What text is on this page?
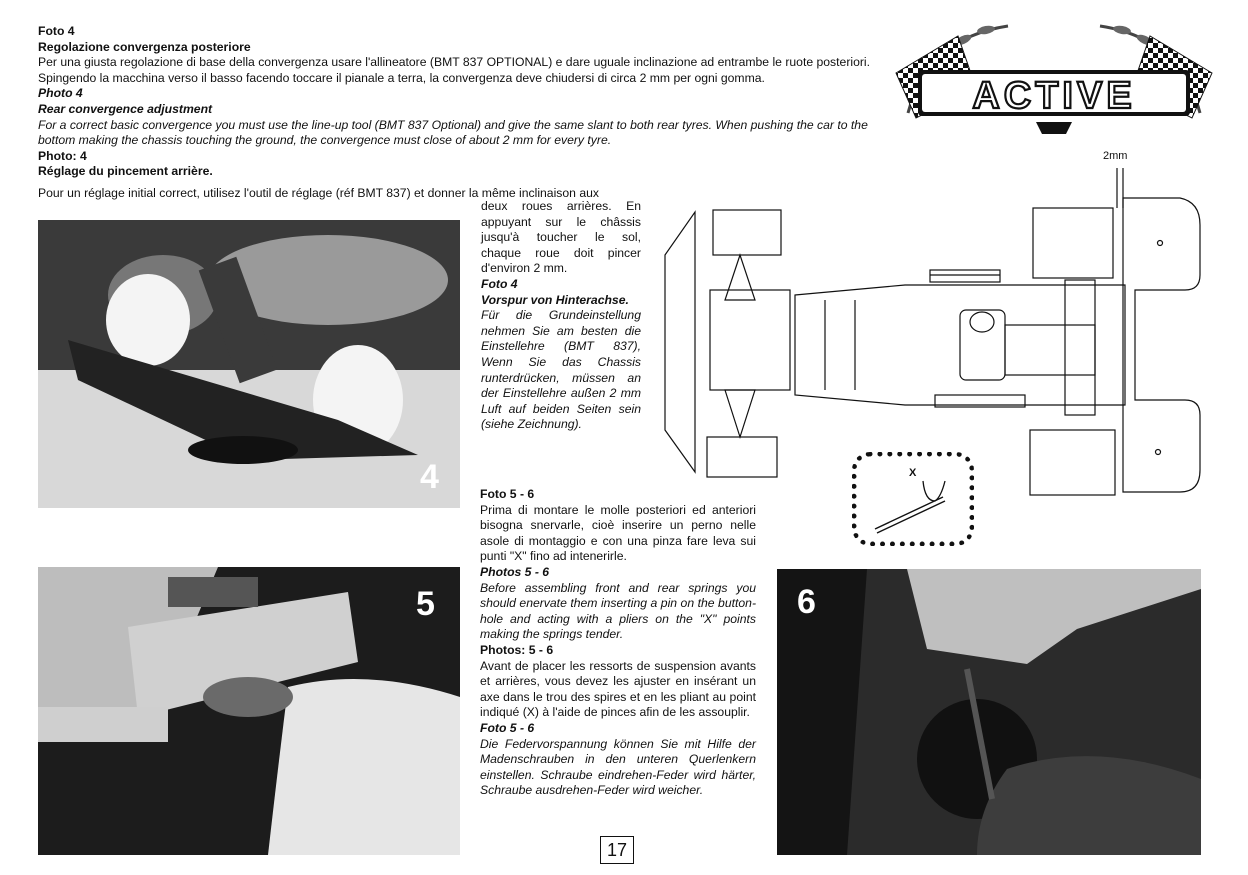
Foto 4

Regolazione convergenza posteriore

Per una giusta regolazione di base della convergenza usare l'allineatore (BMT 837 OPTIONAL) e dare uguale inclinazione ad entrambe le ruote posteriori. Spingendo la macchina verso il basso facendo toccare il pianale a terra, la convergenza deve chiudersi di circa 2 mm per ogni gomma.

Photo 4

Rear convergence adjustment

For a correct basic convergence you must use the line-up tool (BMT 837 Optional) and give the same slant to both rear tyres. When pushing the car to the bottom making the chassis touching the ground, the convergence must close of about 2 mm for every tyre.

Photo: 4

Réglage du pincement arrière.

Pour un réglage initial correct, utilisez l'outil de réglage (réf BMT 837) et donner la même inclinaison aux

ACTIVE
4

deux roues arrières. En appuyant sur le châssis jusqu'à toucher le sol, chaque roue doit pincer d'environ 2 mm.

Foto 4

Vorspur von Hinterachse.

Für die Grundeinstellung nehmen Sie am besten die Einstellehre (BMT 837), Wenn Sie das Chassis runterdrücken, müssen an der Einstellehre außen 2 mm Luft auf beiden Seiten sein (siehe Zeichnung).

2mm
X
5

Foto 5 - 6

Prima di montare le molle posteriori ed anteriori bisogna snervarle, cioè inserire un perno nelle asole di montaggio e con una pinza fare leva sui punti "X" fino ad intenerirle.

Photos 5 - 6

Before assembling front and rear springs you should enervate them inserting a pin on the button-hole and acting with a pliers on the "X" points making the springs tender.

Photos: 5 - 6

Avant de placer les ressorts de suspension avants et arrières, vous devez les ajuster en insérant un axe dans le trou des spires et en les pliant au point indiqué (X) à l'aide de pinces afin de les assouplir.

Foto 5 - 6

Die Federvorspannung können Sie mit Hilfe der Madenschrauben in den unteren Querlenkern einstellen. Schraube eindrehen-Feder wird härter, Schraube ausdrehen-Feder wird weicher.

6
17
